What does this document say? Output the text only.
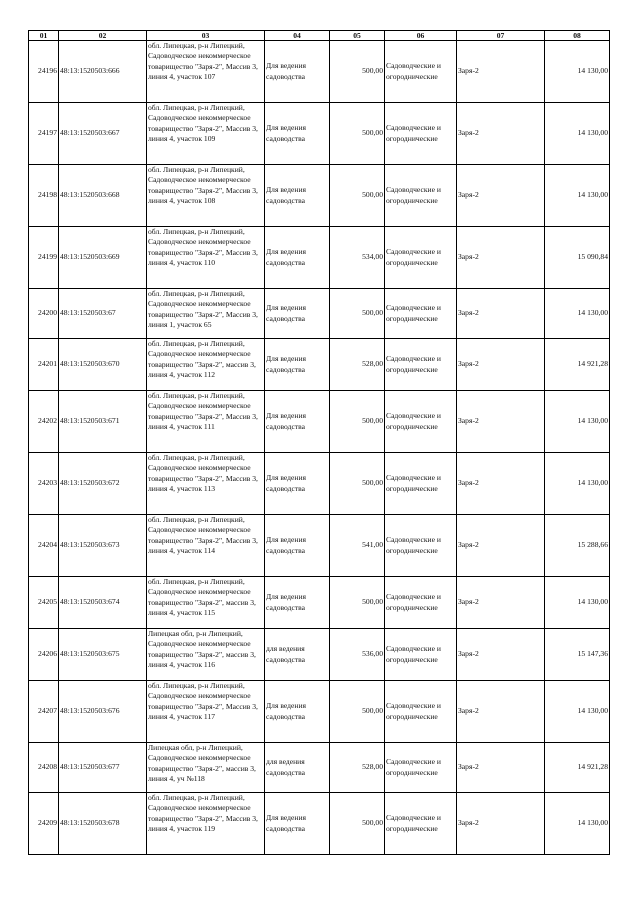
01	02	03	04	05	06	07	08
24196	48:13:1520503:666	обл. Липецкая, р-н Липецкий, Садоводческое некоммерческое товарищество "Заря-2", Массив 3, линия 4, участок 107	Для ведения садоводства	500,00	Садоводческие и огороднические	Заря-2	14 130,00
24197	48:13:1520503:667	обл. Липецкая, р-н Липецкий, Садоводческое некоммерческое товарищество "Заря-2", Массив 3, линия 4, участок 109	Для ведения садоводства	500,00	Садоводческие и огороднические	Заря-2	14 130,00
24198	48:13:1520503:668	обл. Липецкая, р-н Липецкий, Садоводческое некоммерческое товарищество "Заря-2", Массив 3, линия 4, участок 108	Для ведения садоводства	500,00	Садоводческие и огороднические	Заря-2	14 130,00
24199	48:13:1520503:669	обл. Липецкая, р-н Липецкий, Садоводческое некоммерческое товарищество "Заря-2", Массив 3, линия 4, участок 110	Для ведения садоводства	534,00	Садоводческие и огороднические	Заря-2	15 090,84
24200	48:13:1520503:67	обл. Липецкая, р-н Липецкий, Садоводческое некоммерческое товарищество "Заря-2", Массив 3, линия 1, участок 65	Для ведения садоводства	500,00	Садоводческие и огороднические	Заря-2	14 130,00
24201	48:13:1520503:670	обл. Липецкая, р-н Липецкий, Садоводческое некоммерческое товарищество "Заря-2", массив 3, линия 4, участок 112	Для ведения садоводства	528,00	Садоводческие и огороднические	Заря-2	14 921,28
24202	48:13:1520503:671	обл. Липецкая, р-н Липецкий, Садоводческое некоммерческое товарищество "Заря-2", Массив 3, линия 4, участок 111	Для ведения садоводства	500,00	Садоводческие и огороднические	Заря-2	14 130,00
24203	48:13:1520503:672	обл. Липецкая, р-н Липецкий, Садоводческое некоммерческое товарищество "Заря-2", Массив 3, линия 4, участок 113	Для ведения садоводства	500,00	Садоводческие и огороднические	Заря-2	14 130,00
24204	48:13:1520503:673	обл. Липецкая, р-н Липецкий, Садоводческое некоммерческое товарищество "Заря-2", Массив 3, линия 4, участок 114	Для ведения садоводства	541,00	Садоводческие и огороднические	Заря-2	15 288,66
24205	48:13:1520503:674	обл. Липецкая, р-н Липецкий, Садоводческое некоммерческое товарищество "Заря-2", массив 3, линия 4, участок 115	Для ведения садоводства	500,00	Садоводческие и огороднические	Заря-2	14 130,00
24206	48:13:1520503:675	Липецкая обл, р-н Липецкий, Садоводческое некоммерческое товарищество "Заря-2", массив 3, линия 4, участок 116	для ведения садоводства	536,00	Садоводческие и огороднические	Заря-2	15 147,36
24207	48:13:1520503:676	обл. Липецкая, р-н Липецкий, Садоводческое некоммерческое товарищество "Заря-2", Массив 3, линия 4, участок 117	Для ведения садоводства	500,00	Садоводческие и огороднические	Заря-2	14 130,00
24208	48:13:1520503:677	Липецкая обл, р-н Липецкий, Садоводческое некоммерческое товарищество "Заря-2", массив 3, линия 4, уч №118	для ведения садоводства	528,00	Садоводческие и огороднические	Заря-2	14 921,28
24209	48:13:1520503:678	обл. Липецкая, р-н Липецкий, Садоводческое некоммерческое товарищество "Заря-2", Массив 3, линия 4, участок 119	Для ведения садоводства	500,00	Садоводческие и огороднические	Заря-2	14 130,00
